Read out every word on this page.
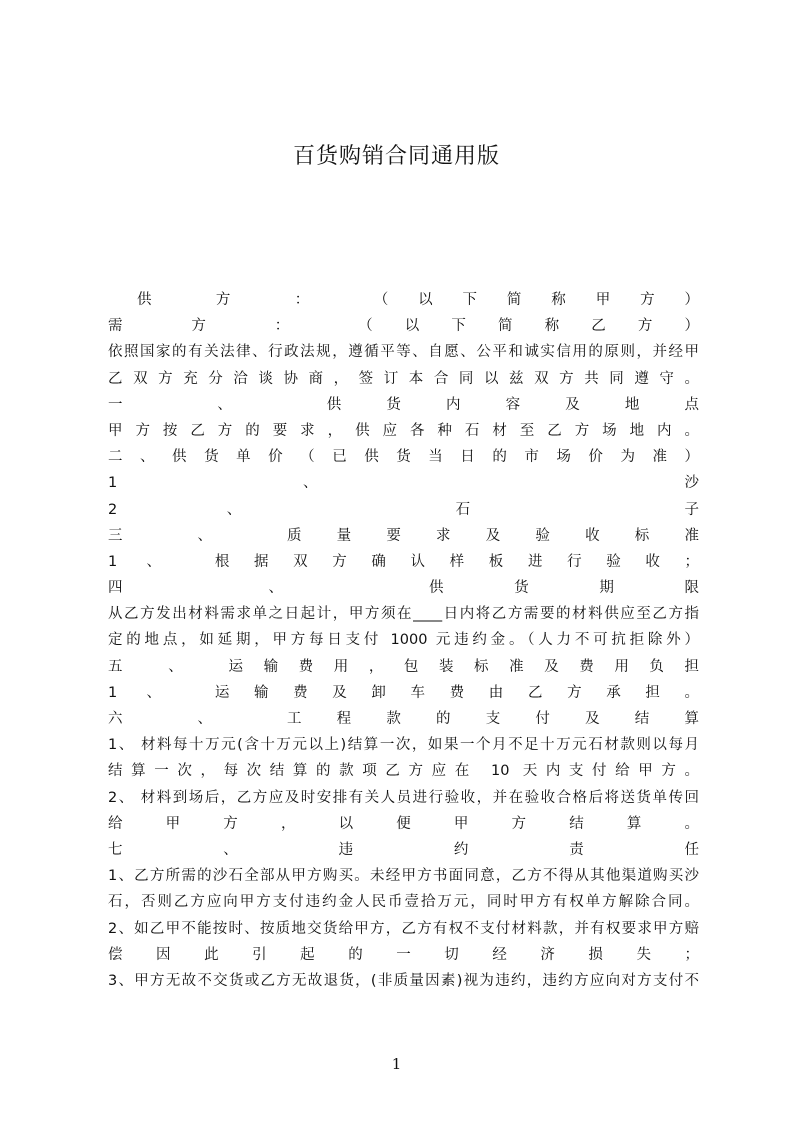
百货购销合同通用版
供 方 ： （以下简称甲方）
需 方 ： （以下简称乙方）
依照国家的有关法律、行政法规，遵循平等、自愿、公平和诚实信用的原则，并经甲
乙双方充分洽谈协商，签订本合同以兹双方共同遵守。
一 、 供货内容及地点
甲方按乙方的要求，供应各种石材至乙方场地内。
二、供货单价（已供货当日的市场价为准）
1 、 沙
2 、 石 子
三 、 质量要求及验收标准
1 、 根据双方确认样板进行验收；
四 、 供货期限
从乙方发出材料需求单之日起计，甲方须在____日内将乙方需要的材料供应至乙方指
定的地点，如延期，甲方每日支付 1000 元违约金。（人力不可抗拒除外）
五 、 运输费用，包装标准及费用负担
1 、 运输费及卸车费由乙方承担。
六 、 工程款的支付及结算
1、 材料每十万元(含十万元以上)结算一次，如果一个月不足十万元石材款则以每月
结算一次，每次结算的款项乙方应在 10 天内支付给甲方。
2、 材料到场后，乙方应及时安排有关人员进行验收，并在验收合格后将送货单传回
给 甲 方 ， 以 便 甲 方 结 算 。
七 、 违 约 责 任
1、乙方所需的沙石全部从甲方购买。未经甲方书面同意，乙方不得从其他渠道购买沙
石，否则乙方应向甲方支付违约金人民币壹拾万元，同时甲方有权单方解除合同。
2、如乙甲不能按时、按质地交货给甲方，乙方有权不支付材料款，并有权要求甲方赔
偿 因 此 引 起 的 一 切 经 济 损 失 ；
3、甲方无故不交货或乙方无故退货，(非质量因素)视为违约，违约方应向对方支付不
1
